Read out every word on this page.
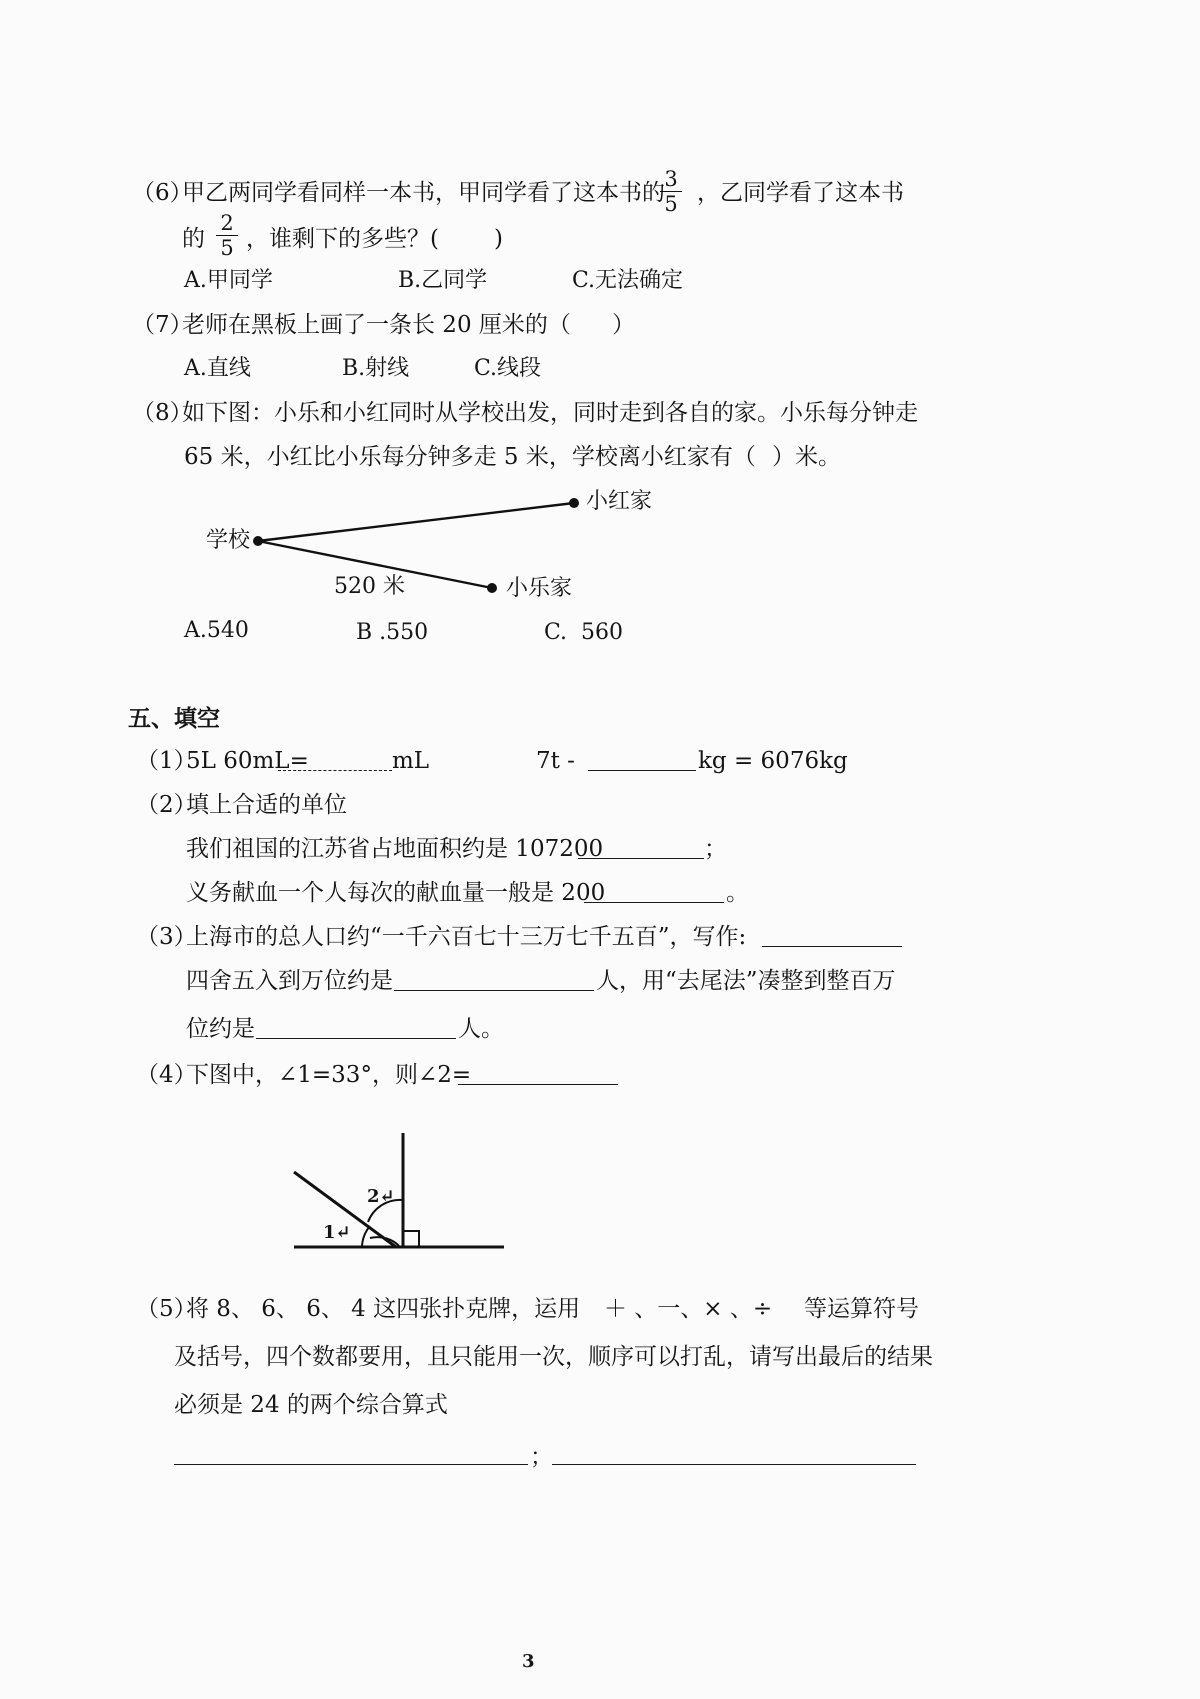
（6）
甲乙两同学看同样一本书，甲同学看了这本书的
3
5 ，乙同学看了这本书
的
2
5 ，谁剩下的多些？( )
A.甲同学	B.乙同学	C.无法确定
（7）
老师在黑板上画了一条长 20 厘米的（ ）
A.直线	B.射线	C.线段
（8）
如下图：小乐和小红同时从学校出发，同时走到各自的家。小乐每分钟走
65 米，小红比小乐每分钟多走 5 米，学校离小红家有（ ）米。
学校
小红家
小乐家
520 米
A.540	B .550	C.  560
五、填空
（1）
5L 60mL=	mL	7t -	kg = 6076kg
（2）
填上合适的单位
我们祖国的江苏省占地面积约是 107200	；
义务献血一个人每次的献血量一般是 200	。
（3）
上海市的总人口约“一千六百七十三万七千五百”，写作:
四舍五入到万位约是	人，用“去尾法”凑整到整百万
位约是	人。
（4）
下图中，∠1=33°，则∠2=
2↵
1↵
（5）
将 8、 6、 6、 4 这四张扑克牌，运用 ＋ 、一、× 、÷ 等运算符号
及括号，四个数都要用，且只能用一次，顺序可以打乱，请写出最后的结果
必须是 24 的两个综合算式
；
3
